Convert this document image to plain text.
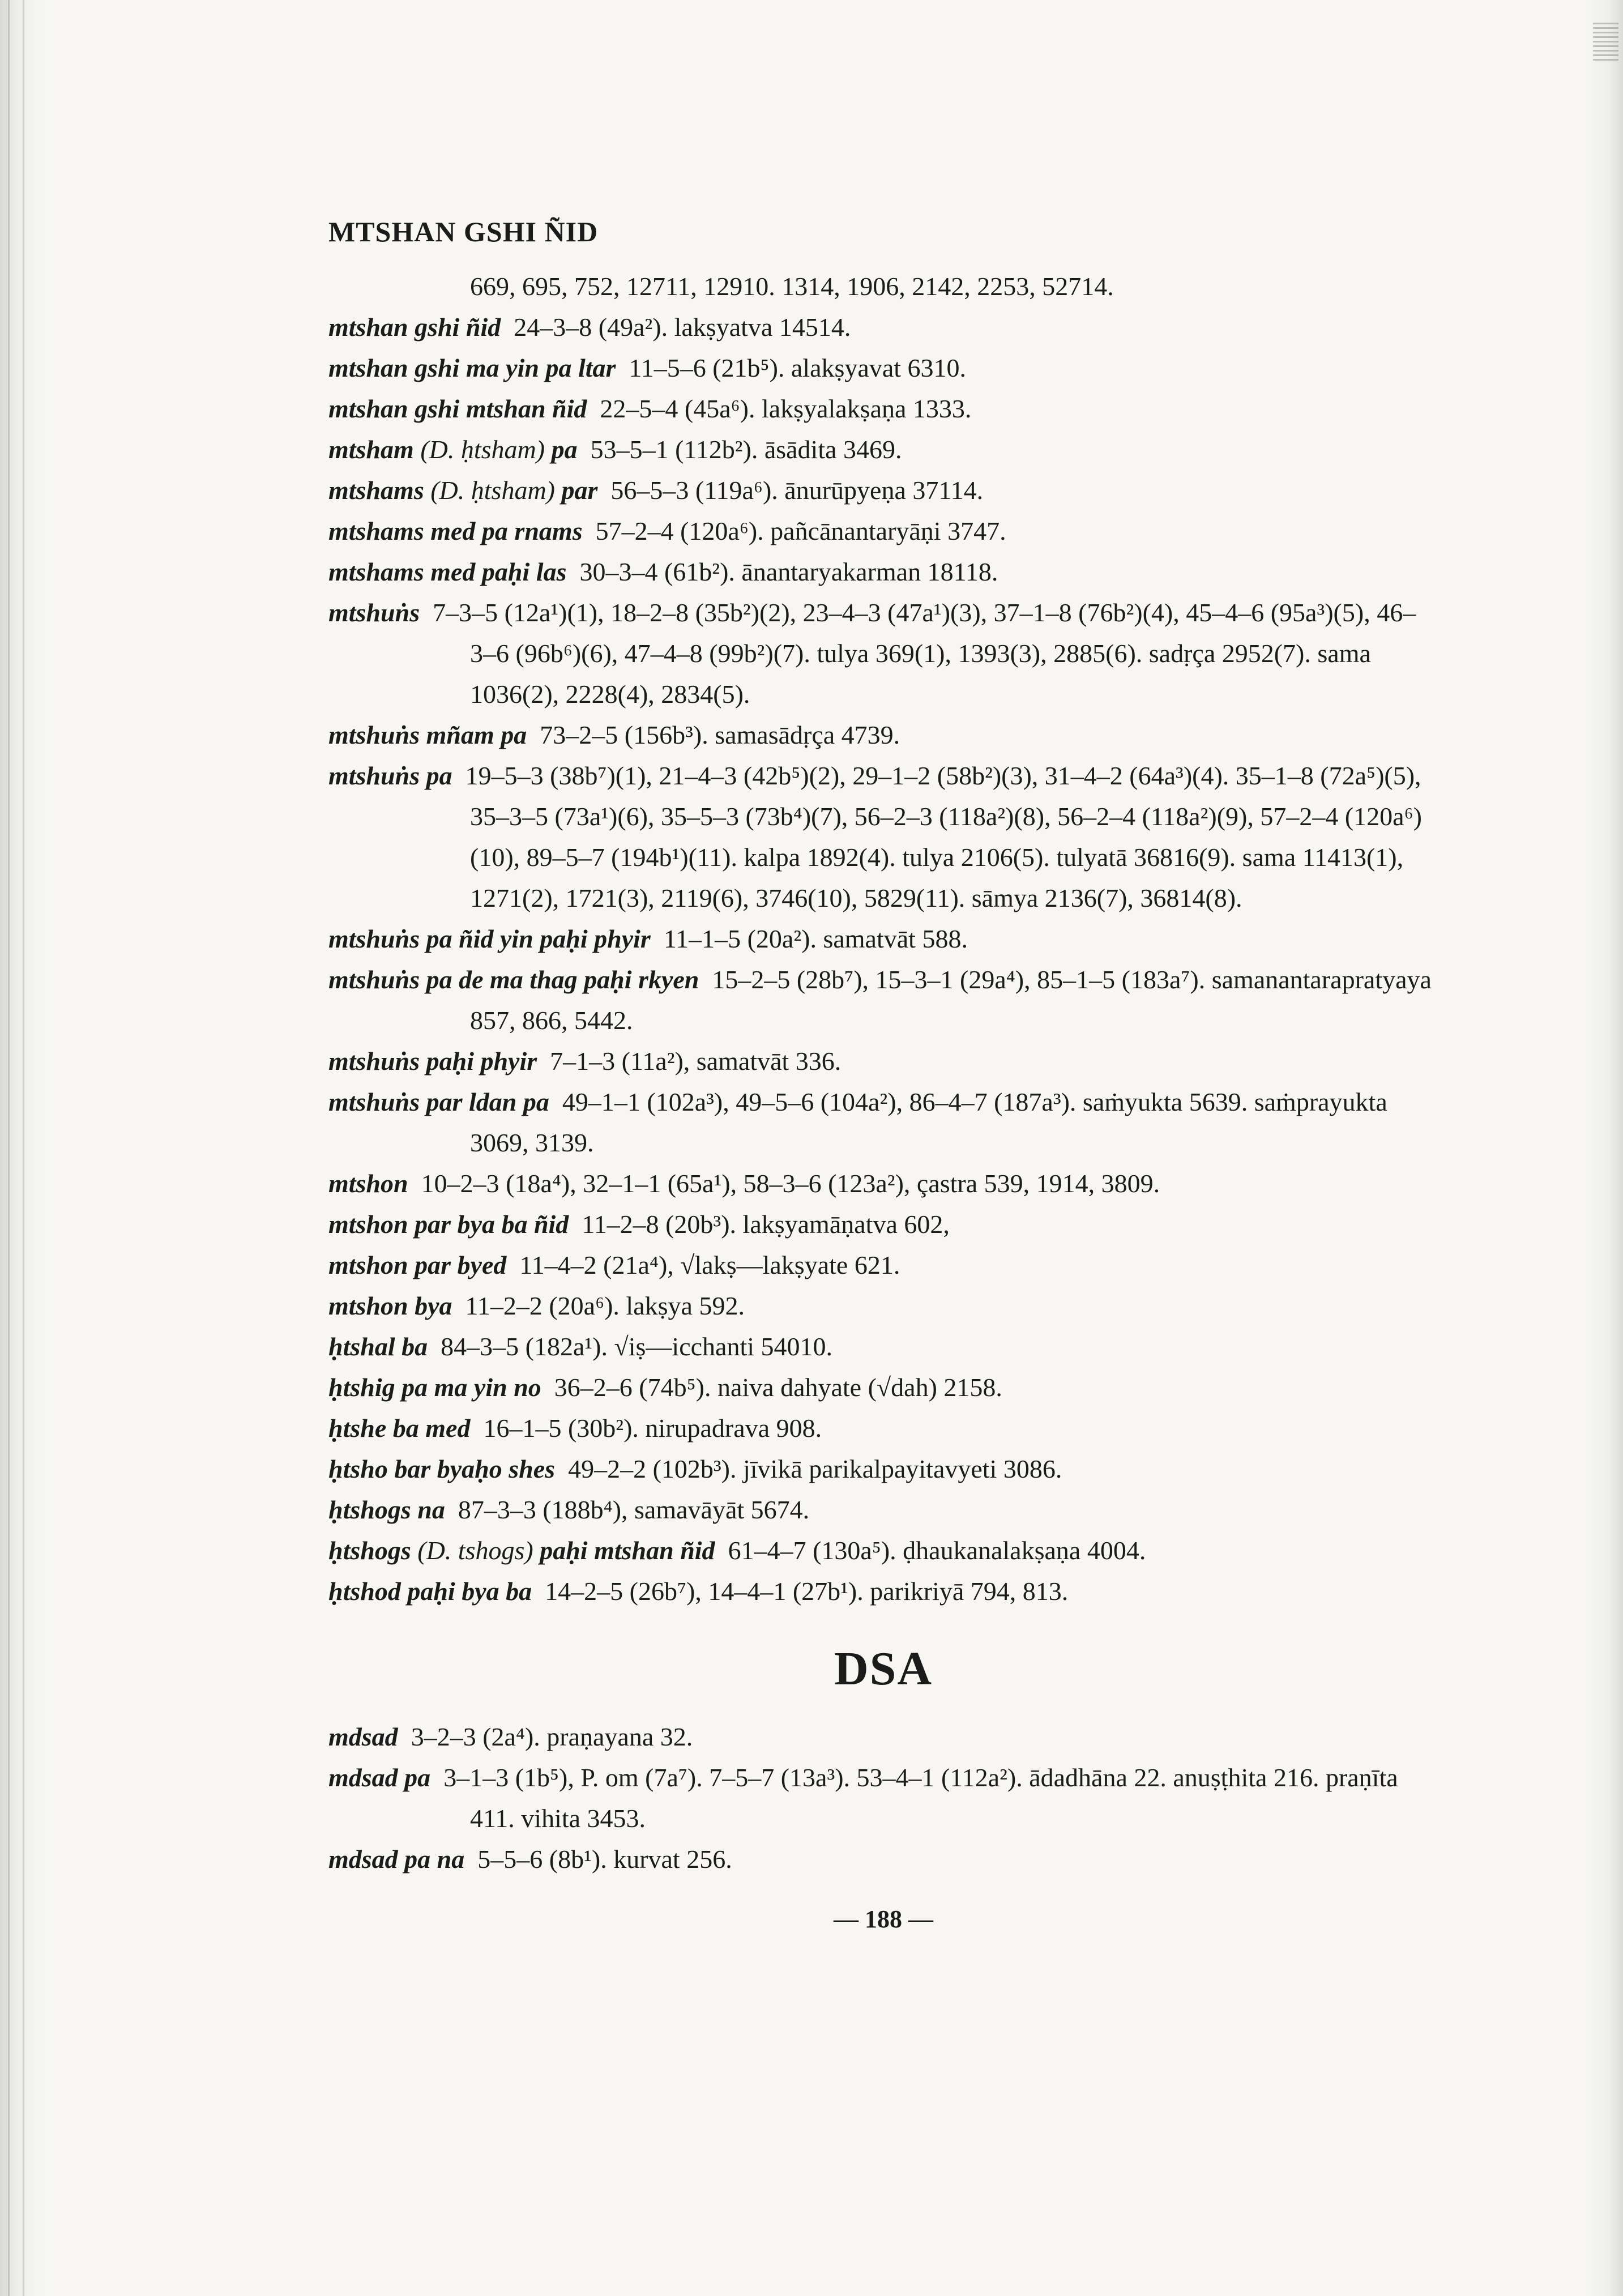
MTSHAN GSHI ÑID
669, 695, 752, 12711, 12910. 1314, 1906, 2142, 2253, 52714.
mtshan gshi ñid 24–3–8 (49a²). lakṣyatva 14514.
mtshan gshi ma yin pa ltar 11–5–6 (21b⁵). alakṣyavat 6310.
mtshan gshi mtshan ñid 22–5–4 (45a⁶). lakṣyalakṣaṇa 1333.
mtsham (D. ḥtsham) pa 53–5–1 (112b²). āsādita 3469.
mtshams (D. ḥtsham) par 56–5–3 (119a⁶). ānurūpyeṇa 37114.
mtshams med pa rnams 57–2–4 (120a⁶). pañcānantaryāṇi 3747.
mtshams med paḥi las 30–3–4 (61b²). ānantaryakarman 18118.
mtshuṅs 7–3–5 (12a¹)(1), 18–2–8 (35b²)(2), 23–4–3 (47a¹)(3), 37–1–8 (76b²)(4), 45–4–6 (95a³)(5), 46–3–6 (96b⁶)(6), 47–4–8 (99b²)(7). tulya 369(1), 1393(3), 2885(6). sadṛça 2952(7). sama 1036(2), 2228(4), 2834(5).
mtshuṅs mñam pa 73–2–5 (156b³). samasādṛça 4739.
mtshuṅs pa 19–5–3 (38b⁷)(1), 21–4–3 (42b⁵)(2), 29–1–2 (58b²)(3), 31–4–2 (64a³)(4). 35–1–8 (72a⁵)(5), 35–3–5 (73a¹)(6), 35–5–3 (73b⁴)(7), 56–2–3 (118a²)(8), 56–2–4 (118a²)(9), 57–2–4 (120a⁶)(10), 89–5–7 (194b¹)(11). kalpa 1892(4). tulya 2106(5). tulyatā 36816(9). sama 11413(1), 1271(2), 1721(3), 2119(6), 3746(10), 5829(11). sāmya 2136(7), 36814(8).
mtshuṅs pa ñid yin paḥi phyir 11–1–5 (20a²). samatvāt 588.
mtshuṅs pa de ma thag paḥi rkyen 15–2–5 (28b⁷), 15–3–1 (29a⁴), 85–1–5 (183a⁷). samanantarapratyaya 857, 866, 5442.
mtshuṅs paḥi phyir 7–1–3 (11a²), samatvāt 336.
mtshuṅs par ldan pa 49–1–1 (102a³), 49–5–6 (104a²), 86–4–7 (187a³). saṁyukta 5639. saṁprayukta 3069, 3139.
mtshon 10–2–3 (18a⁴), 32–1–1 (65a¹), 58–3–6 (123a²), çastra 539, 1914, 3809.
mtshon par bya ba ñid 11–2–8 (20b³). lakṣyamāṇatva 602,
mtshon par byed 11–4–2 (21a⁴), √lakṣ—lakṣyate 621.
mtshon bya 11–2–2 (20a⁶). lakṣya 592.
ḥtshal ba 84–3–5 (182a¹). √iṣ—icchanti 54010.
ḥtshig pa ma yin no 36–2–6 (74b⁵). naiva dahyate (√dah) 2158.
ḥtshe ba med 16–1–5 (30b²). nirupadrava 908.
ḥtsho bar byaḥo shes 49–2–2 (102b³). jīvikā parikalpayitavyeti 3086.
ḥtshogs na 87–3–3 (188b⁴), samavāyāt 5674.
ḥtshogs (D. tshogs) paḥi mtshan ñid 61–4–7 (130a⁵). ḍhaukanalakṣaṇa 4004.
ḥtshod paḥi bya ba 14–2–5 (26b⁷), 14–4–1 (27b¹). parikriyā 794, 813.
DSA
mdsad 3–2–3 (2a⁴). praṇayana 32.
mdsad pa 3–1–3 (1b⁵), P. om (7a⁷). 7–5–7 (13a³). 53–4–1 (112a²). ādadhāna 22. anuṣṭhita 216. praṇīta 411. vihita 3453.
mdsad pa na 5–5–6 (8b¹). kurvat 256.
— 188 —
